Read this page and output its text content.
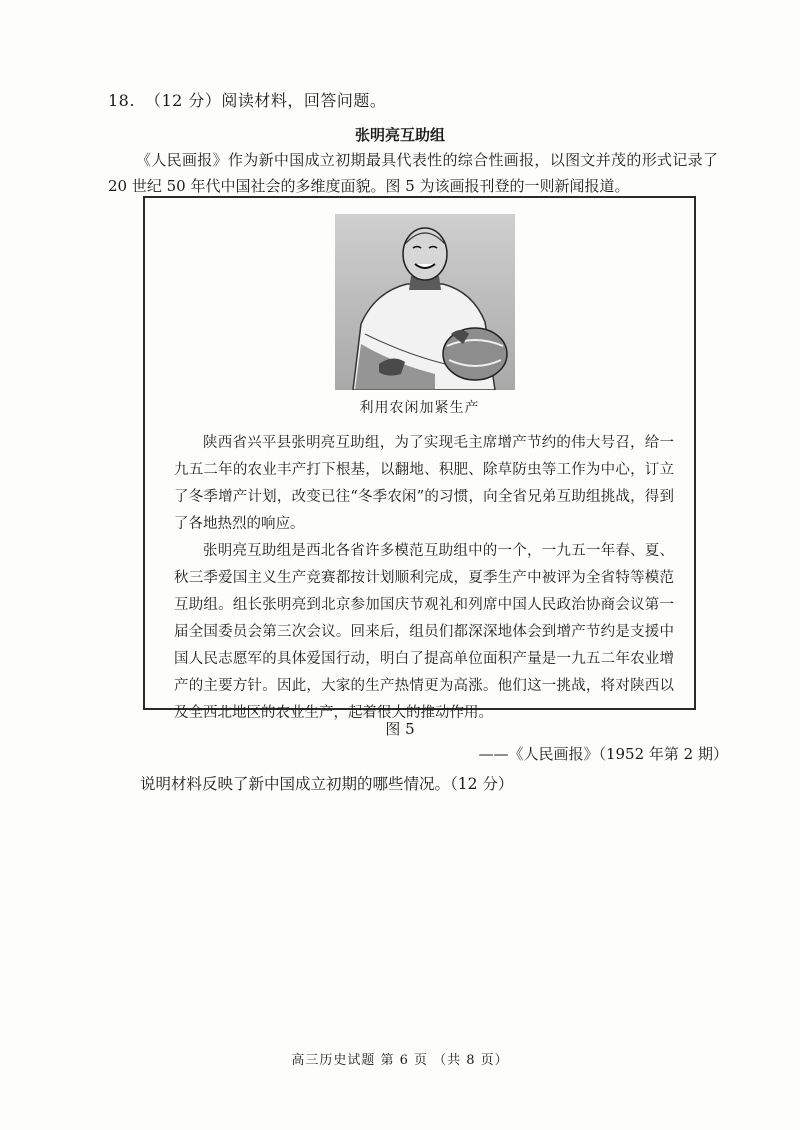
18. （12 分）阅读材料，回答问题。
张明亮互助组
《人民画报》作为新中国成立初期最具代表性的综合性画报，以图文并茂的形式记录了 20 世纪 50 年代中国社会的多维度面貌。图 5 为该画报刊登的一则新闻报道。
利用农闲加紧生产

陕西省兴平县张明亮互助组，为了实现毛主席增产节约的伟大号召，给一九五二年的农业丰产打下根基，以翻地、积肥、除草防虫等工作为中心，订立了冬季增产计划，改变已往“冬季农闲”的习惯，向全省兄弟互助组挑战，得到了各地热烈的响应。

张明亮互助组是西北各省许多模范互助组中的一个，一九五一年春、夏、秋三季爱国主义生产竞赛都按计划顺利完成，夏季生产中被评为全省特等模范互助组。组长张明亮到北京参加国庆节观礼和列席中国人民政治协商会议第一届全国委员会第三次会议。回来后，组员们都深深地体会到增产节约是支援中国人民志愿军的具体爱国行动，明白了提高单位面积产量是一九五二年农业增产的主要方针。因此，大家的生产热情更为高涨。他们这一挑战，将对陕西以及全西北地区的农业生产，起着很大的推动作用。

图 5
——《人民画报》（1952 年第 2 期）
说明材料反映了新中国成立初期的哪些情况。（12 分）
高三历史试题 第 6 页 （共 8 页）
